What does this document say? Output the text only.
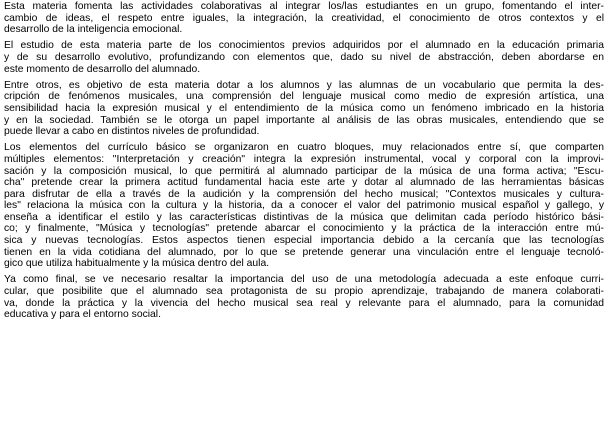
Esta materia fomenta las actividades colaborativas al integrar los/las estudiantes en un grupo, fomentando el inter-
cambio de ideas, el respeto entre iguales, la integración, la creatividad, el conocimiento de otros contextos y el
desarrollo de la inteligencia emocional.
El estudio de esta materia parte de los conocimientos previos adquiridos por el alumnado en la educación primaria
y de su desarrollo evolutivo, profundizando con elementos que, dado su nivel de abstracción, deben abordarse en
este momento de desarrollo del alumnado.
Entre otros, es objetivo de esta materia dotar a los alumnos y las alumnas de un vocabulario que permita la des-
cripción de fenómenos musicales, una comprensión del lenguaje musical como medio de expresión artística, una
sensibilidad hacia la expresión musical y el entendimiento de la música como un fenómeno imbricado en la historia
y en la sociedad. También se le otorga un papel importante al análisis de las obras musicales, entendiendo que se
puede llevar a cabo en distintos niveles de profundidad.
Los elementos del currículo básico se organizaron en cuatro bloques, muy relacionados entre sí, que comparten
múltiples elementos: "Interpretación y creación" integra la expresión instrumental, vocal y corporal con la improvi-
sación y la composición musical, lo que permitirá al alumnado participar de la música de una forma activa; "Escu-
cha" pretende crear la primera actitud fundamental hacia este arte y dotar al alumnado de las herramientas básicas
para disfrutar de ella a través de la audición y la comprensión del hecho musical; "Contextos musicales y cultura-
les" relaciona la música con la cultura y la historia, da a conocer el valor del patrimonio musical español y gallego, y
enseña a identificar el estilo y las características distintivas de la música que delimitan cada período histórico bási-
co; y finalmente, "Música y tecnologías" pretende abarcar el conocimiento y la práctica de la interacción entre mú-
sica y nuevas tecnologías. Estos aspectos tienen especial importancia debido a la cercanía que las tecnologías
tienen en la vida cotidiana del alumnado, por lo que se pretende generar una vinculación entre el lenguaje tecnoló-
gico que utiliza habitualmente y la música dentro del aula.
Ya como final, se ve necesario resaltar la importancia del uso de una metodología adecuada a este enfoque curri-
cular, que posibilite que el alumnado sea protagonista de su propio aprendizaje, trabajando de manera colaborati-
va, donde la práctica y la vivencia del hecho musical sea real y relevante para el alumnado, para la comunidad
educativa y para el entorno social.
